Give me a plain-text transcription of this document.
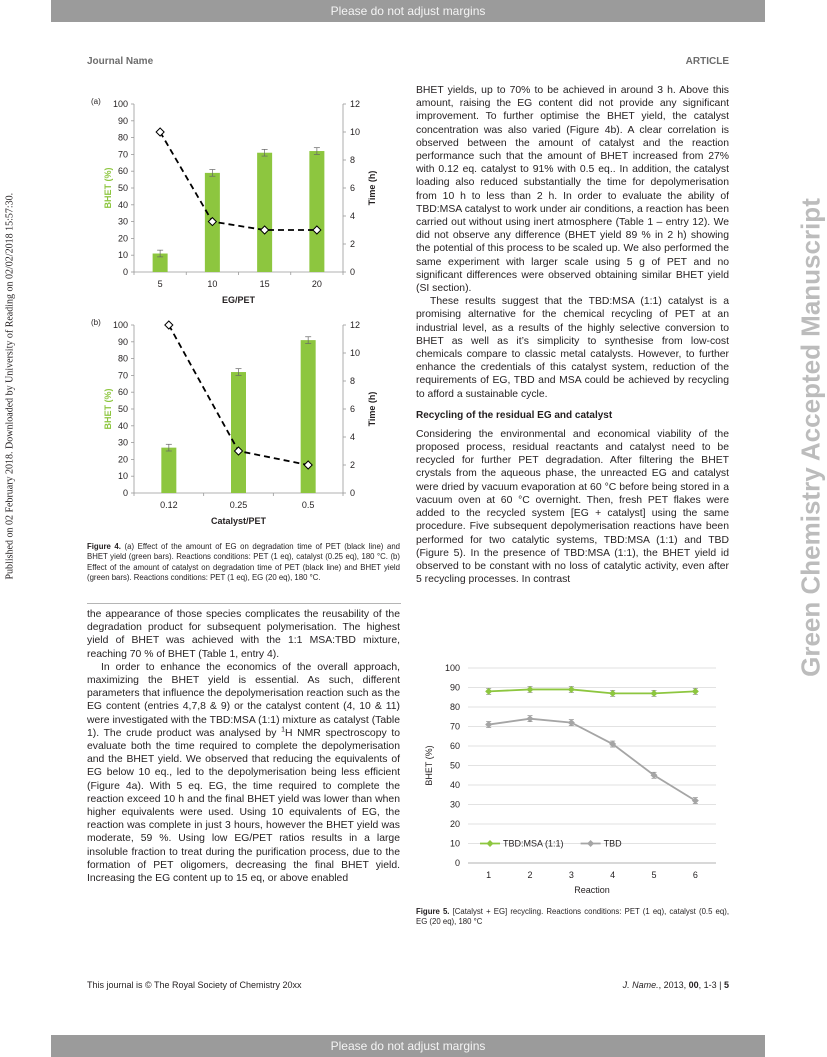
Please do not adjust margins
Please do not adjust margins
Journal Name	ARTICLE
Published on 02 February 2018. Downloaded by University of Reading on 02/02/2018 15:57:30.	Green Chemistry Accepted Manuscript
(a)
0
10
20
30
40
50
60
70
80
90
100
0
2
4
6
8
10
12
5	10	15	20
EG/PET
BHET (%)	Time (h)
(b)
0
10
20
30
40
50
60
70
80
90
100
0
2
4
6
8
10
12
0.12	0.25	0.5
Catalyst/PET
BHET (%)	Time (h)

Figure 4. (a) Effect of the amount of EG on degradation time of PET (black line) and BHET yield (green bars). Reactions conditions: PET (1 eq), catalyst (0.25 eq), 180 °C. (b) Effect of the amount of catalyst on degradation time of PET (black line) and BHET yield (green bars). Reactions conditions: PET (1 eq), EG (20 eq), 180 °C.

the appearance of those species complicates the reusability of the degradation product for subsequent polymerisation. The highest yield of BHET was achieved with the 1:1 MSA:TBD mixture, reaching 70 % of BHET (Table 1, entry 4).

In order to enhance the economics of the overall approach, maximizing the BHET yield is essential. As such, different parameters that influence the depolymerisation reaction such as the EG content (entries 4,7,8 & 9) or the catalyst content (4, 10 & 11) were investigated with the TBD:MSA (1:1) mixture as catalyst (Table 1). The crude product was analysed by $^1$H NMR spectroscopy to evaluate both the time required to complete the depolymerisation and the BHET yield. We observed that reducing the equivalents of EG below 10 eq., led to the depolymerisation being less efficient (Figure 4a). With 5 eq. EG, the time required to complete the reaction exceed 10 h and the final BHET yield was lower than when higher equivalents were used. Using 10 equivalents of EG, the reaction was complete in just 3 hours, however the BHET yield was moderate, 59 %. Using low EG/PET ratios results in a large insoluble fraction to treat during the purification process, due to the formation of PET oligomers, decreasing the final BHET yield. Increasing the EG content up to 15 eq, or above enabled

BHET yields, up to 70% to be achieved in around 3 h. Above this amount, raising the EG content did not provide any significant improvement. To further optimise the BHET yield, the catalyst concentration was also varied (Figure 4b). A clear correlation is observed between the amount of catalyst and the reaction performance such that the amount of BHET increased from 27% with 0.12 eq. catalyst to 91% with 0.5 eq.. In addition, the catalyst loading also reduced substantially the time for depolymerisation from 10 h to less than 2 h. In order to evaluate the ability of TBD:MSA catalyst to work under air conditions, a reaction has been carried out without using inert atmosphere (Table 1 – entry 12). We did not observe any difference (BHET yield 89 % in 2 h) showing the potential of this process to be scaled up. We also performed the same experiment with larger scale using 5 g of PET and no significant differences were observed obtaining similar BHET yield (SI section).

These results suggest that the TBD:MSA (1:1) catalyst is a promising alternative for the chemical recycling of PET at an industrial level, as a results of the highly selective conversion to BHET as well as it’s simplicity to synthesise from low-cost chemicals compare to classic metal catalysts. However, to further enhance the credentials of this catalyst system, reduction of the requirements of EG, TBD and MSA could be achieved by recycling to afford a sustainable cycle.

Recycling of the residual EG and catalyst

Considering the environmental and economical viability of the proposed process, residual reactants and catalyst need to be recycled for further PET degradation. After filtering the BHET crystals from the aqueous phase, the unreacted EG and catalyst were dried by vacuum evaporation at 60 °C before being stored in a vacuum oven at 60 °C overnight. Then, fresh PET flakes were added to the recycled system [EG + catalyst] using the same procedure. Five subsequent depolymerisation reactions have been performed for two catalytic systems, TBD:MSA (1:1) and TBD (Figure 5). In the presence of TBD:MSA (1:1), the BHET yield id observed to be constant with no loss of catalytic activity, even after 5 recycling processes. In contrast

0
10
20
30
40
50
60
70
80
90
100
1	2	3	4	5	6
TBD:MSA (1:1)	TBD
Reaction
BHET (%)

Figure 5. [Catalyst + EG] recycling. Reactions conditions: PET (1 eq), catalyst (0.5 eq), EG (20 eq), 180 °C

This journal is © The Royal Society of Chemistry 20xx	J. Name., 2013, 00, 1-3 | 5
